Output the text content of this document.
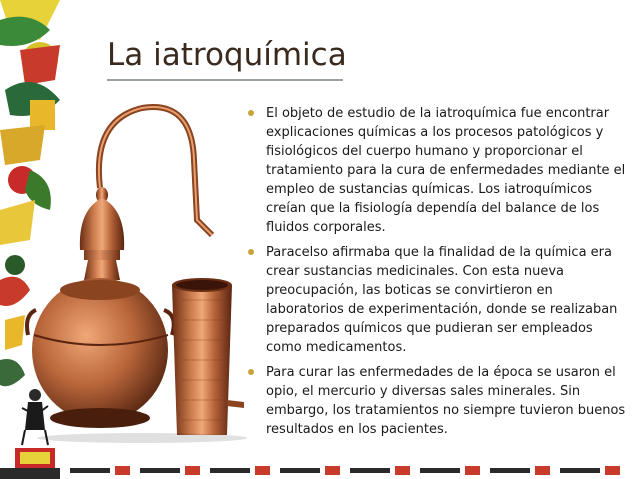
La iatroquímica
El objeto de estudio de la iatroquímica fue encontrar explicaciones químicas a los procesos patológicos y fisiológicos del cuerpo humano y proporcionar el tratamiento para la cura de enfermedades mediante el empleo de sustancias químicas. Los iatroquímicos creían que la fisiología dependía del balance de los fluidos corporales.
Paracelso afirmaba que la finalidad de la química era crear sustancias medicinales. Con esta nueva preocupación, las boticas se convirtieron en laboratorios de experimentación, donde se realizaban preparados químicos que pudieran ser empleados como medicamentos.
Para curar las enfermedades de la época se usaron el opio, el mercurio y diversas sales minerales. Sin embargo, los tratamientos no siempre tuvieron buenos resultados en los pacientes.
